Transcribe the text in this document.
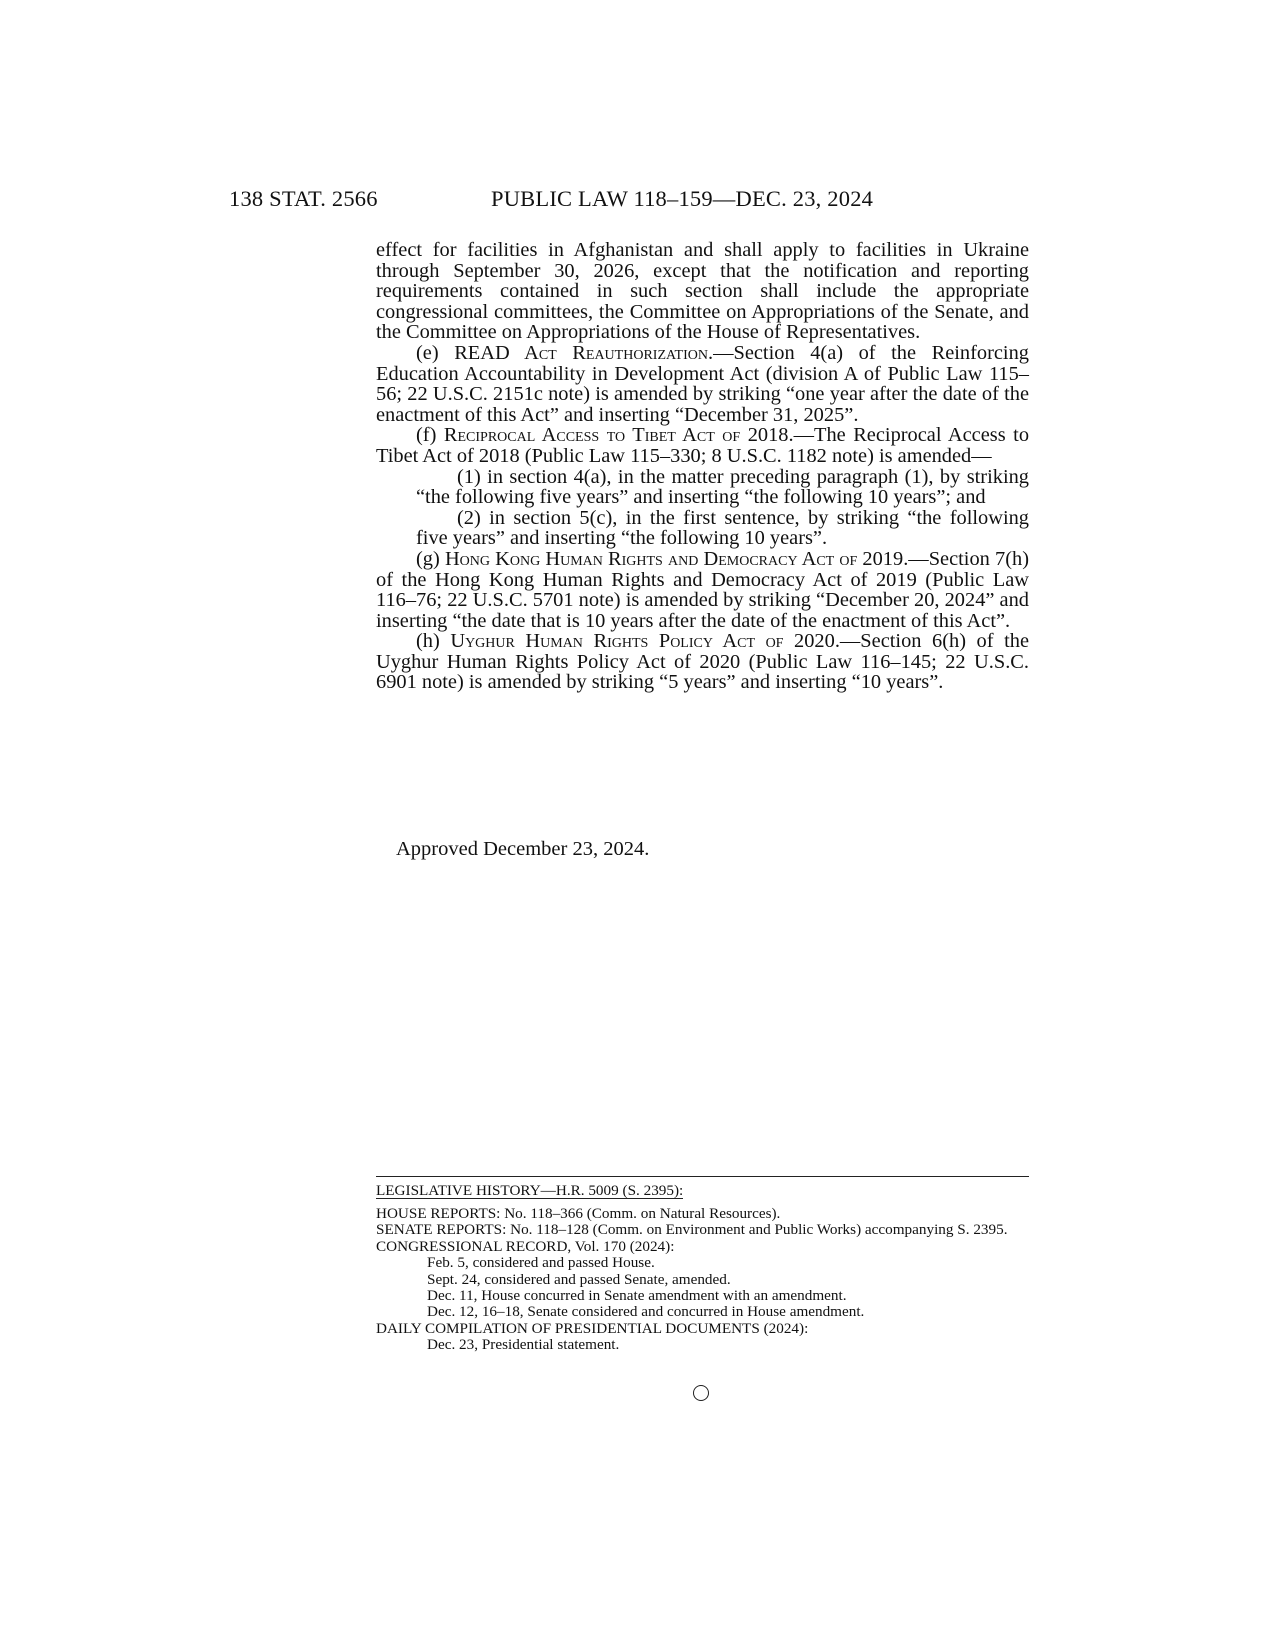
138 STAT. 2566	PUBLIC LAW 118–159—DEC. 23, 2024

effect for facilities in Afghanistan and shall apply to facilities in Ukraine through September 30, 2026, except that the notification and reporting requirements contained in such section shall include the appropriate congressional committees, the Committee on Appropriations of the Senate, and the Committee on Appropriations of the House of Representatives.

(e) READ Act Reauthorization.—Section 4(a) of the Reinforcing Education Accountability in Development Act (division A of Public Law 115–56; 22 U.S.C. 2151c note) is amended by striking “one year after the date of the enactment of this Act” and inserting “December 31, 2025”.

(f) Reciprocal Access to Tibet Act of 2018.—The Reciprocal Access to Tibet Act of 2018 (Public Law 115–330; 8 U.S.C. 1182 note) is amended—

(1) in section 4(a), in the matter preceding paragraph (1), by striking “the following five years” and inserting “the following 10 years”; and

(2) in section 5(c), in the first sentence, by striking “the following five years” and inserting “the following 10 years”.

(g) Hong Kong Human Rights and Democracy Act of 2019.—Section 7(h) of the Hong Kong Human Rights and Democracy Act of 2019 (Public Law 116–76; 22 U.S.C. 5701 note) is amended by striking “December 20, 2024” and inserting “the date that is 10 years after the date of the enactment of this Act”.

(h) Uyghur Human Rights Policy Act of 2020.—Section 6(h) of the Uyghur Human Rights Policy Act of 2020 (Public Law 116–145; 22 U.S.C. 6901 note) is amended by striking “5 years” and inserting “10 years”.

Approved December 23, 2024.
LEGISLATIVE HISTORY—H.R. 5009 (S. 2395):

HOUSE REPORTS: No. 118–366 (Comm. on Natural Resources).

SENATE REPORTS: No. 118–128 (Comm. on Environment and Public Works) accompanying S. 2395.

CONGRESSIONAL RECORD, Vol. 170 (2024):

Feb. 5, considered and passed House.

Sept. 24, considered and passed Senate, amended.

Dec. 11, House concurred in Senate amendment with an amendment.

Dec. 12, 16–18, Senate considered and concurred in House amendment.

DAILY COMPILATION OF PRESIDENTIAL DOCUMENTS (2024):

Dec. 23, Presidential statement.
